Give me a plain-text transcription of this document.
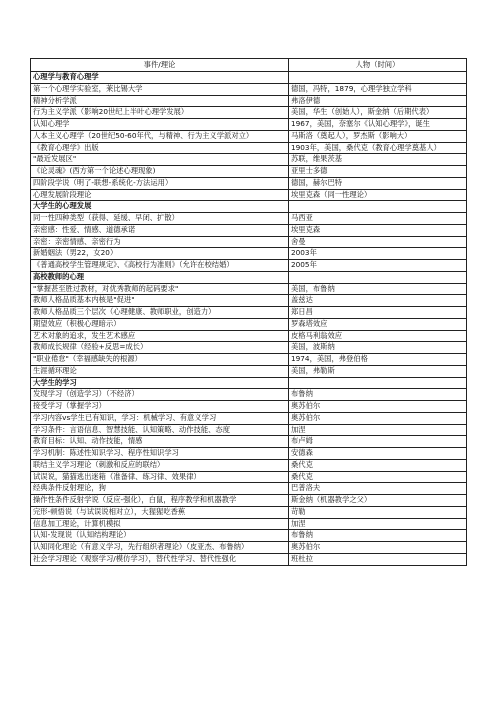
事件/理论	人物（时间）
心理学与教育心理学	
第一个心理学实验室，莱比锡大学	德国，冯特，1879，心理学独立学科
精神分析学派	弗洛伊德
行为主义学派（影响20世纪上半叶心理学发展）	美国，华生（创始人），斯金纳（后期代表）
认知心理学	1967，美国，奈塞尔《认知心理学》，诞生
人本主义心理学（20世纪50-60年代，与精神、行为主义学派对立）	马斯洛（奠起人），罗杰斯（影响大）
《教育心理学》出版	1903年，美国，桑代克（教育心理学奠基人）
"最近发展区"	苏联，维果茨基
《论灵魂》(西方第一个论述心理现象)	亚里士多德
四阶段学说（明了-联想-系统化-方法运用）	德国，赫尔巴特
心理发展阶段理论	埃里克森（同一性理论）
大学生的心理发展	
同一性四种类型（获得、延缓、早闭、扩散）	马西亚
亲密感：性爱、情感、道德承诺	埃里克森
亲密：亲密情感、亲密行为	舍曼
新婚姻法（男22，女20）	2003年
《普通高校学生管理规定》、《高校行为准则》（允许在校结婚）	2005年
高校教师的心理	
"掌握甚至胜过教材，对优秀教师的起码要求"	美国，布鲁纳
教师人格品质基本内核是"促进"	盖兹达
教师人格品质三个层次（心理健康、教师职业，创造力）	郑日昌
期望效应（积极心理暗示）	罗森塔效应
艺术对象的追求，发生艺术感应	皮格马利翁效应
教师成长规律（经验+反思=成长）	美国，波斯纳
"职业倦怠"（幸福感缺失的根源）	1974，美国，弗登伯格
生涯循环理论	美国，弗勒斯
大学生的学习	
发现学习（创造学习）（不经济）	布鲁纳
接受学习（掌握学习）	奥苏伯尔
学习内容vs学生已有知识，学习：机械学习、有意义学习	奥苏伯尔
学习条件：言语信息、智慧技能、认知策略、动作技能、态度	加涅
教育目标：认知、动作技能，情感	布卢姆
学习机制：陈述性知识学习、程序性知识学习	安德森
联结主义学习理论（刺激和反应的联结）	桑代克
试误说，猫猫逃出迷箱（准备律、练习律、效果律）	桑代克
经典条件反射理论，狗	巴普洛夫
操作性条件反射学说（反应-强化），白鼠，程序教学和机器教学	斯金纳（机器教学之父）
完形-顿悟说（与试误说相对立），大猩猩吃香蕉	苛勒
信息加工理论，计算机模拟	加涅
认知-发现说（认知结构理论）	布鲁纳
认知同化理论（有意义学习，先行组织者理论）（皮亚杰、布鲁纳）	奥苏伯尔
社会学习理论（观察学习/模仿学习），替代性学习、替代性强化	班杜拉
